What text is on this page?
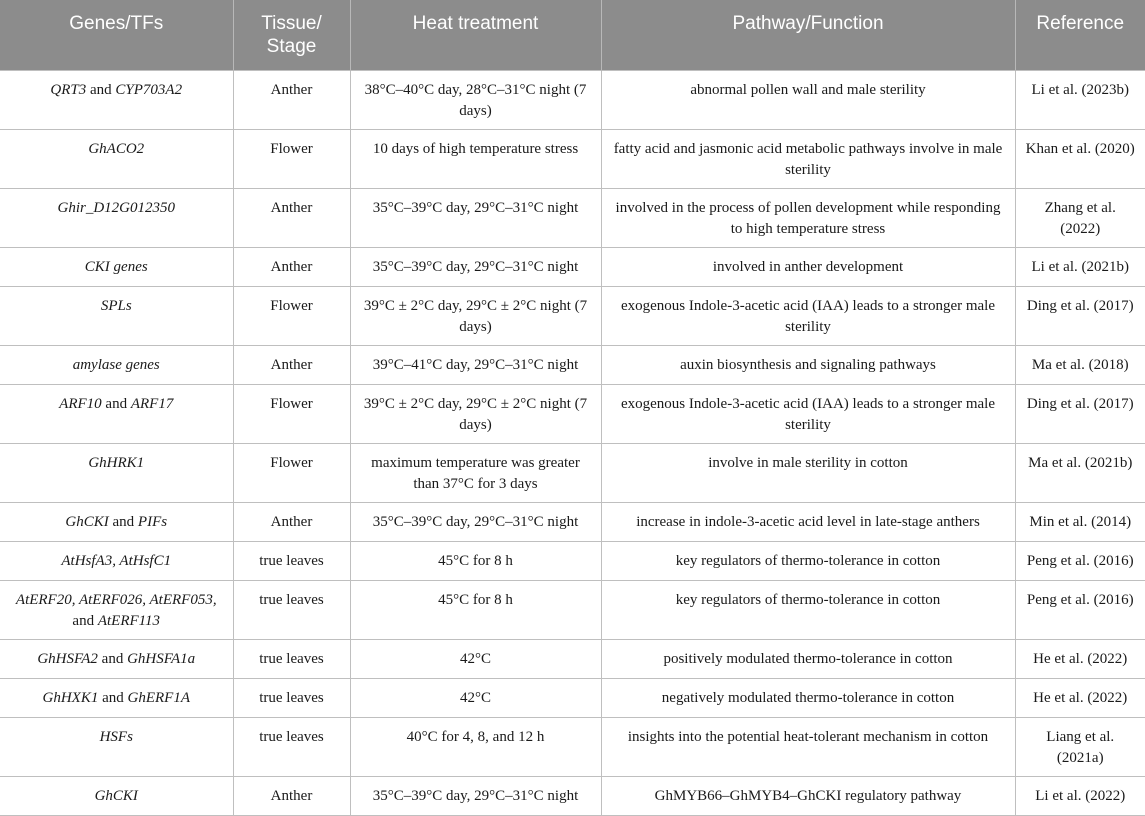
Genes/TFs	Tissue/ Stage	Heat treatment	Pathway/Function	Reference

QRT3 and CYP703A2	Anther	38°C–40°C day, 28°C–31°C night (7 days)	abnormal pollen wall and male sterility	Li et al. (2023b)
GhACO2	Flower	10 days of high temperature stress	fatty acid and jasmonic acid metabolic pathways involve in male sterility	Khan et al. (2020)
Ghir_D12G012350	Anther	35°C–39°C day, 29°C–31°C night	involved in the process of pollen development while responding to high temperature stress	Zhang et al. (2022)
CKI genes	Anther	35°C–39°C day, 29°C–31°C night	involved in anther development	Li et al. (2021b)
SPLs	Flower	39°C ± 2°C day, 29°C ± 2°C night (7 days)	exogenous Indole-3-acetic acid (IAA) leads to a stronger male sterility	Ding et al. (2017)
amylase genes	Anther	39°C–41°C day, 29°C–31°C night	auxin biosynthesis and signaling pathways	Ma et al. (2018)
ARF10 and ARF17	Flower	39°C ± 2°C day, 29°C ± 2°C night (7 days)	exogenous Indole-3-acetic acid (IAA) leads to a stronger male sterility	Ding et al. (2017)
GhHRK1	Flower	maximum temperature was greater than 37°C for 3 days	involve in male sterility in cotton	Ma et al. (2021b)
GhCKI and PIFs	Anther	35°C–39°C day, 29°C–31°C night	increase in indole-3-acetic acid level in late-stage anthers	Min et al. (2014)
AtHsfA3, AtHsfC1	true leaves	45°C for 8 h	key regulators of thermo-tolerance in cotton	Peng et al. (2016)
AtERF20, AtERF026, AtERF053, and AtERF113	true leaves	45°C for 8 h	key regulators of thermo-tolerance in cotton	Peng et al. (2016)
GhHSFA2 and GhHSFA1a	true leaves	42°C	positively modulated thermo-tolerance in cotton	He et al. (2022)
GhHXK1 and GhERF1A	true leaves	42°C	negatively modulated thermo-tolerance in cotton	He et al. (2022)
HSFs	true leaves	40°C for 4, 8, and 12 h	insights into the potential heat-tolerant mechanism in cotton	Liang et al. (2021a)
GhCKI	Anther	35°C–39°C day, 29°C–31°C night	GhMYB66–GhMYB4–GhCKI regulatory pathway	Li et al. (2022)
